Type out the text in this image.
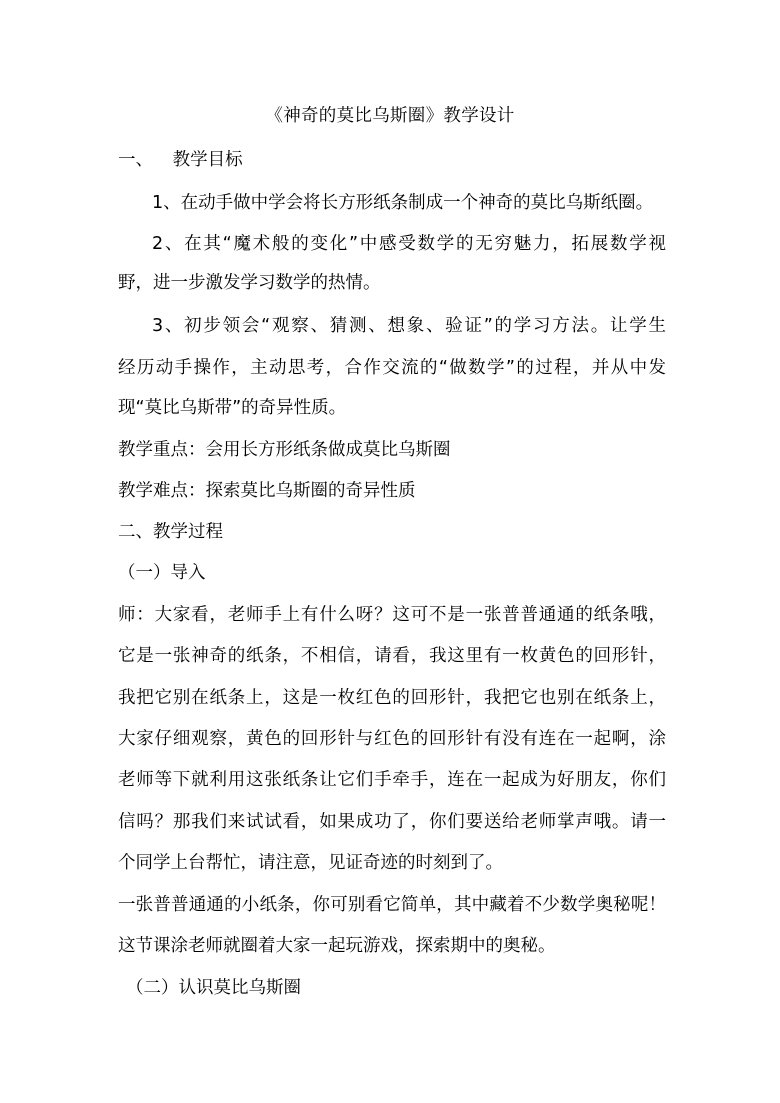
《神奇的莫比乌斯圈》教学设计
一、 教学目标
1、在动手做中学会将长方形纸条制成一个神奇的莫比乌斯纸圈。
2、在其“魔术般的变化”中感受数学的无穷魅力，拓展数学视
野，进一步激发学习数学的热情。
3、初步领会“观察、猜测、想象、验证”的学习方法。让学生
经历动手操作，主动思考，合作交流的“做数学”的过程，并从中发
现“莫比乌斯带”的奇异性质。
教学重点：会用长方形纸条做成莫比乌斯圈
教学难点：探索莫比乌斯圈的奇异性质
二、教学过程
（一）导入
师：大家看，老师手上有什么呀？这可不是一张普普通通的纸条哦，
它是一张神奇的纸条，不相信，请看，我这里有一枚黄色的回形针，
我把它别在纸条上，这是一枚红色的回形针，我把它也别在纸条上，
大家仔细观察，黄色的回形针与红色的回形针有没有连在一起啊，涂
老师等下就利用这张纸条让它们手牵手，连在一起成为好朋友，你们
信吗？那我们来试试看，如果成功了，你们要送给老师掌声哦。请一
个同学上台帮忙，请注意，见证奇迹的时刻到了。
一张普普通通的小纸条，你可别看它简单，其中藏着不少数学奥秘呢！
这节课涂老师就圈着大家一起玩游戏，探索期中的奥秘。
（二）认识莫比乌斯圈
